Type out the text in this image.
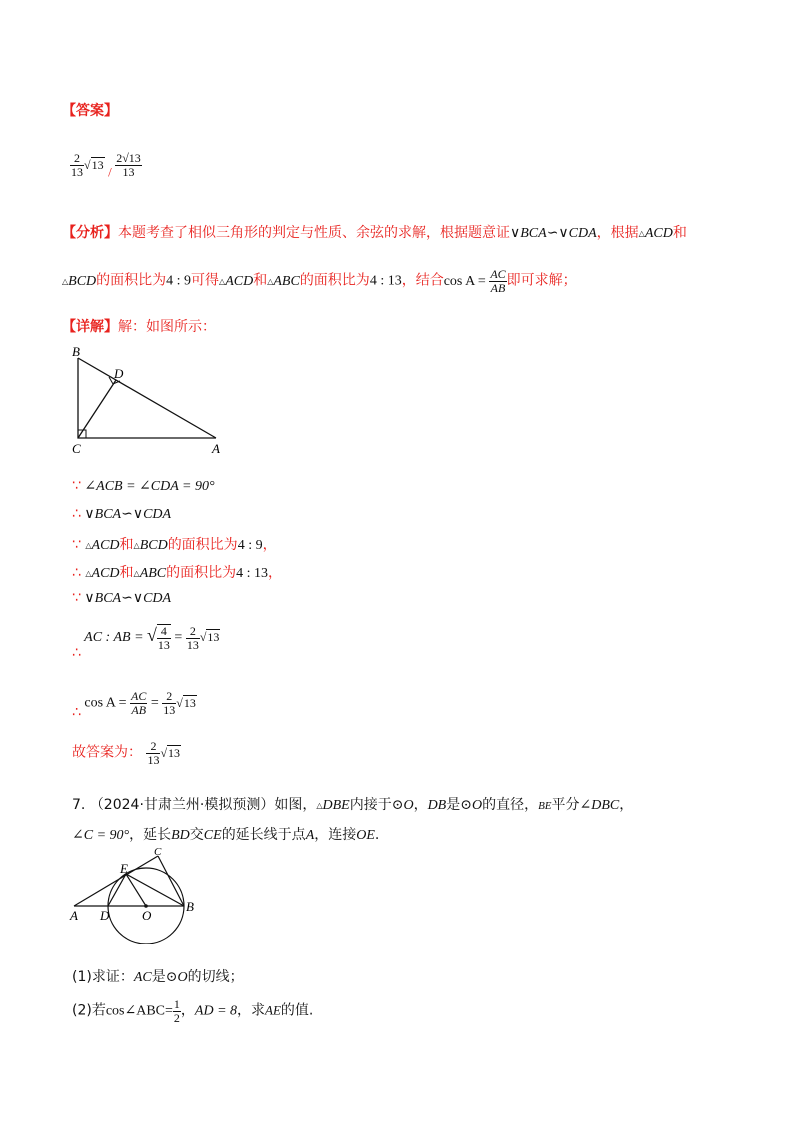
【答案】
$\frac{2}{13} √13 / \frac{2√13}{13}$
【分析】本题考查了相似三角形的判定与性质、余弦的求解，根据题意证∨BCA∽∨CDA，根据△ACD和
△BCD的面积比为4 : 9可得△ACD和△ABC的面积比为4 : 13，结合$\cos A = \frac{AC}{AB}$ 即可求解；
【详解】解：如图所示：
B
D
C	A
∵ ∠ACB = ∠CDA = 90°
∴ ∨BCA∽∨CDA
∵ △ACD和△BCD的面积比为4 : 9，
∴ △ACD和△ABC的面积比为4 : 13，
∵ ∨BCA∽∨CDA
∴ AC : AB = √ $\frac{4}{13} = \frac{2}{13} √13$
∴ $\cos A = \frac{AC}{AB} = \frac{2}{13} √13$
故答案为： $\frac{2}{13} √13$
7. （2024·甘肃兰州·模拟预测）如图，△DBE内接于⊙O，DB是⊙O的直径，BE平分∠DBC，
∠C = 90°，延长BD交CE的延长线于点A，连接OE.
C
E
A D	O
B
(1)求证：AC是⊙O的切线；
(2)若cos∠ABC= $\frac{1}{2}$ ，AD = 8，求AE的值.
